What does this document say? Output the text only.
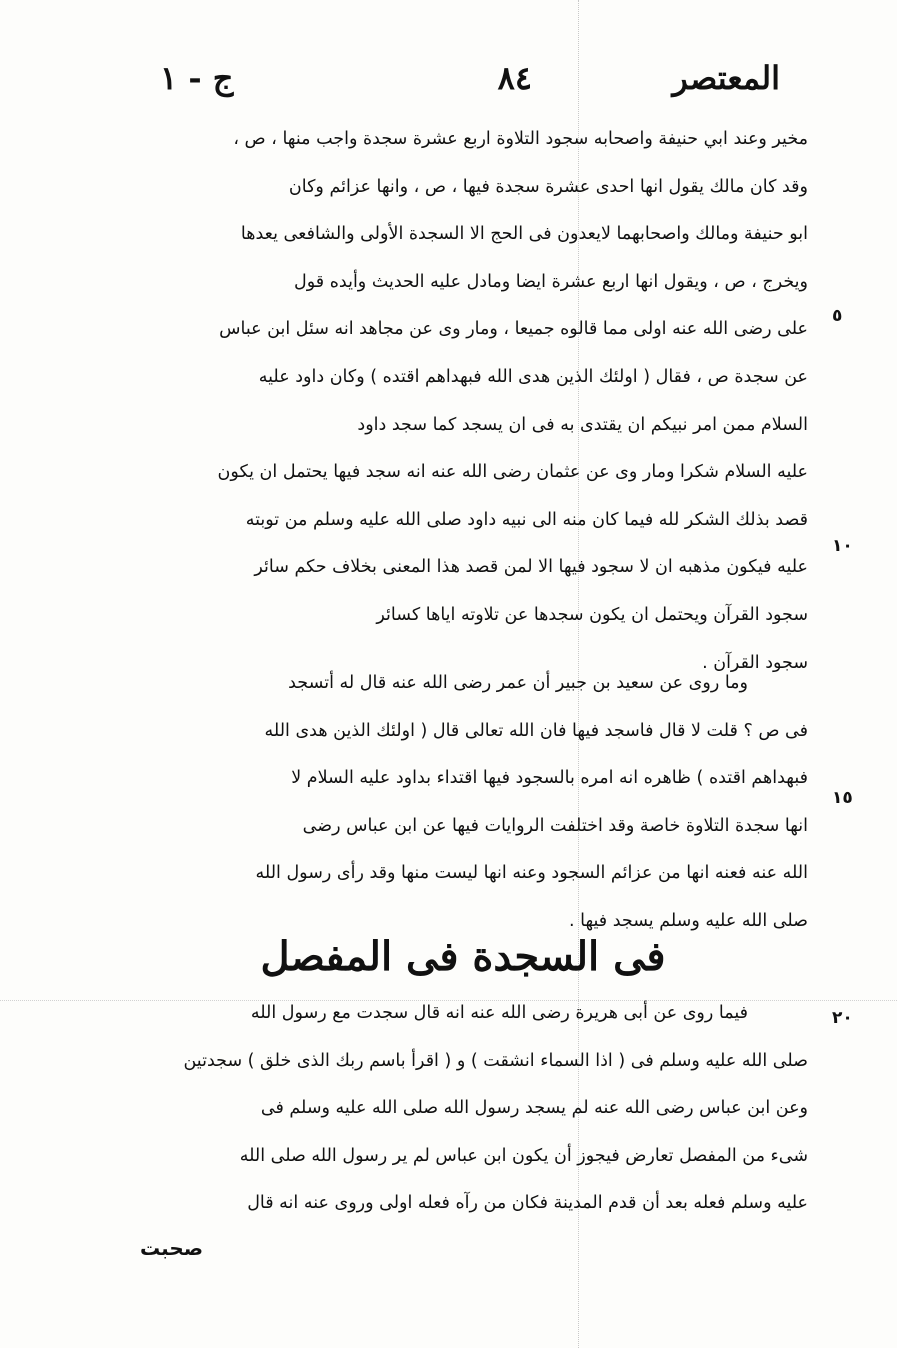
المعتصر
٨٤
ج - ١
مخير وعند ابي حنيفة واصحابه سجود التلاوة اربع عشرة سجدة واجب منها ، ص ،
وقد كان مالك يقول انها احدى عشرة سجدة فيها ، ص ، وانها عزائم وكان
ابو حنيفة ومالك واصحابهما لايعدون فى الحج الا السجدة الأولى والشافعى يعدها
ويخرج ، ص ، ويقول انها اربع عشرة ايضا ومادل عليه الحديث وأيده قول
على رضى الله عنه اولى مما قالوه جميعا ، ومار وى عن مجاهد انه سئل ابن عباس
عن سجدة ص ، فقال ( اولئك الذين هدى الله فبهداهم اقتده ) وكان داود عليه
السلام ممن امر نبيكم ان يقتدى به فى ان يسجد كما سجد داود
عليه السلام شكرا ومار وى عن عثمان رضى الله عنه انه سجد فيها يحتمل ان يكون
قصد بذلك الشكر لله فيما كان منه الى نبيه داود صلى الله عليه وسلم من توبته
عليه فيكون مذهبه ان لا سجود فيها الا لمن قصد هذا المعنى بخلاف حكم سائر
سجود القرآن ويحتمل ان يكون سجدها عن تلاوته اياها كسائر
سجود القرآن .
وما روى عن سعيد بن جبير أن عمر رضى الله عنه قال له أتسجد
فى ص ؟ قلت لا قال فاسجد فيها فان الله تعالى قال ( اولئك الذين هدى الله
فبهداهم اقتده ) ظاهره انه امره بالسجود فيها اقتداء بداود عليه السلام لا
انها سجدة التلاوة خاصة وقد اختلفت الروايات فيها عن ابن عباس رضى
الله عنه فعنه انها من عزائم السجود وعنه انها ليست منها وقد رأى رسول الله
صلى الله عليه وسلم يسجد فيها .
فى السجدة فى المفصل
فيما روى عن أبى هريرة رضى الله عنه انه قال سجدت مع رسول الله
صلى الله عليه وسلم فى ( اذا السماء انشقت ) و ( اقرأ باسم ربك الذى خلق ) سجدتين
وعن ابن عباس رضى الله عنه لم يسجد رسول الله صلى الله عليه وسلم فى
شىء من المفصل تعارض فيجوز أن يكون ابن عباس لم ير رسول الله صلى الله
عليه وسلم فعله بعد أن قدم المدينة فكان من رآه فعله اولى وروى عنه انه قال
٥
١٠
١٥
٢٠
صحبت
